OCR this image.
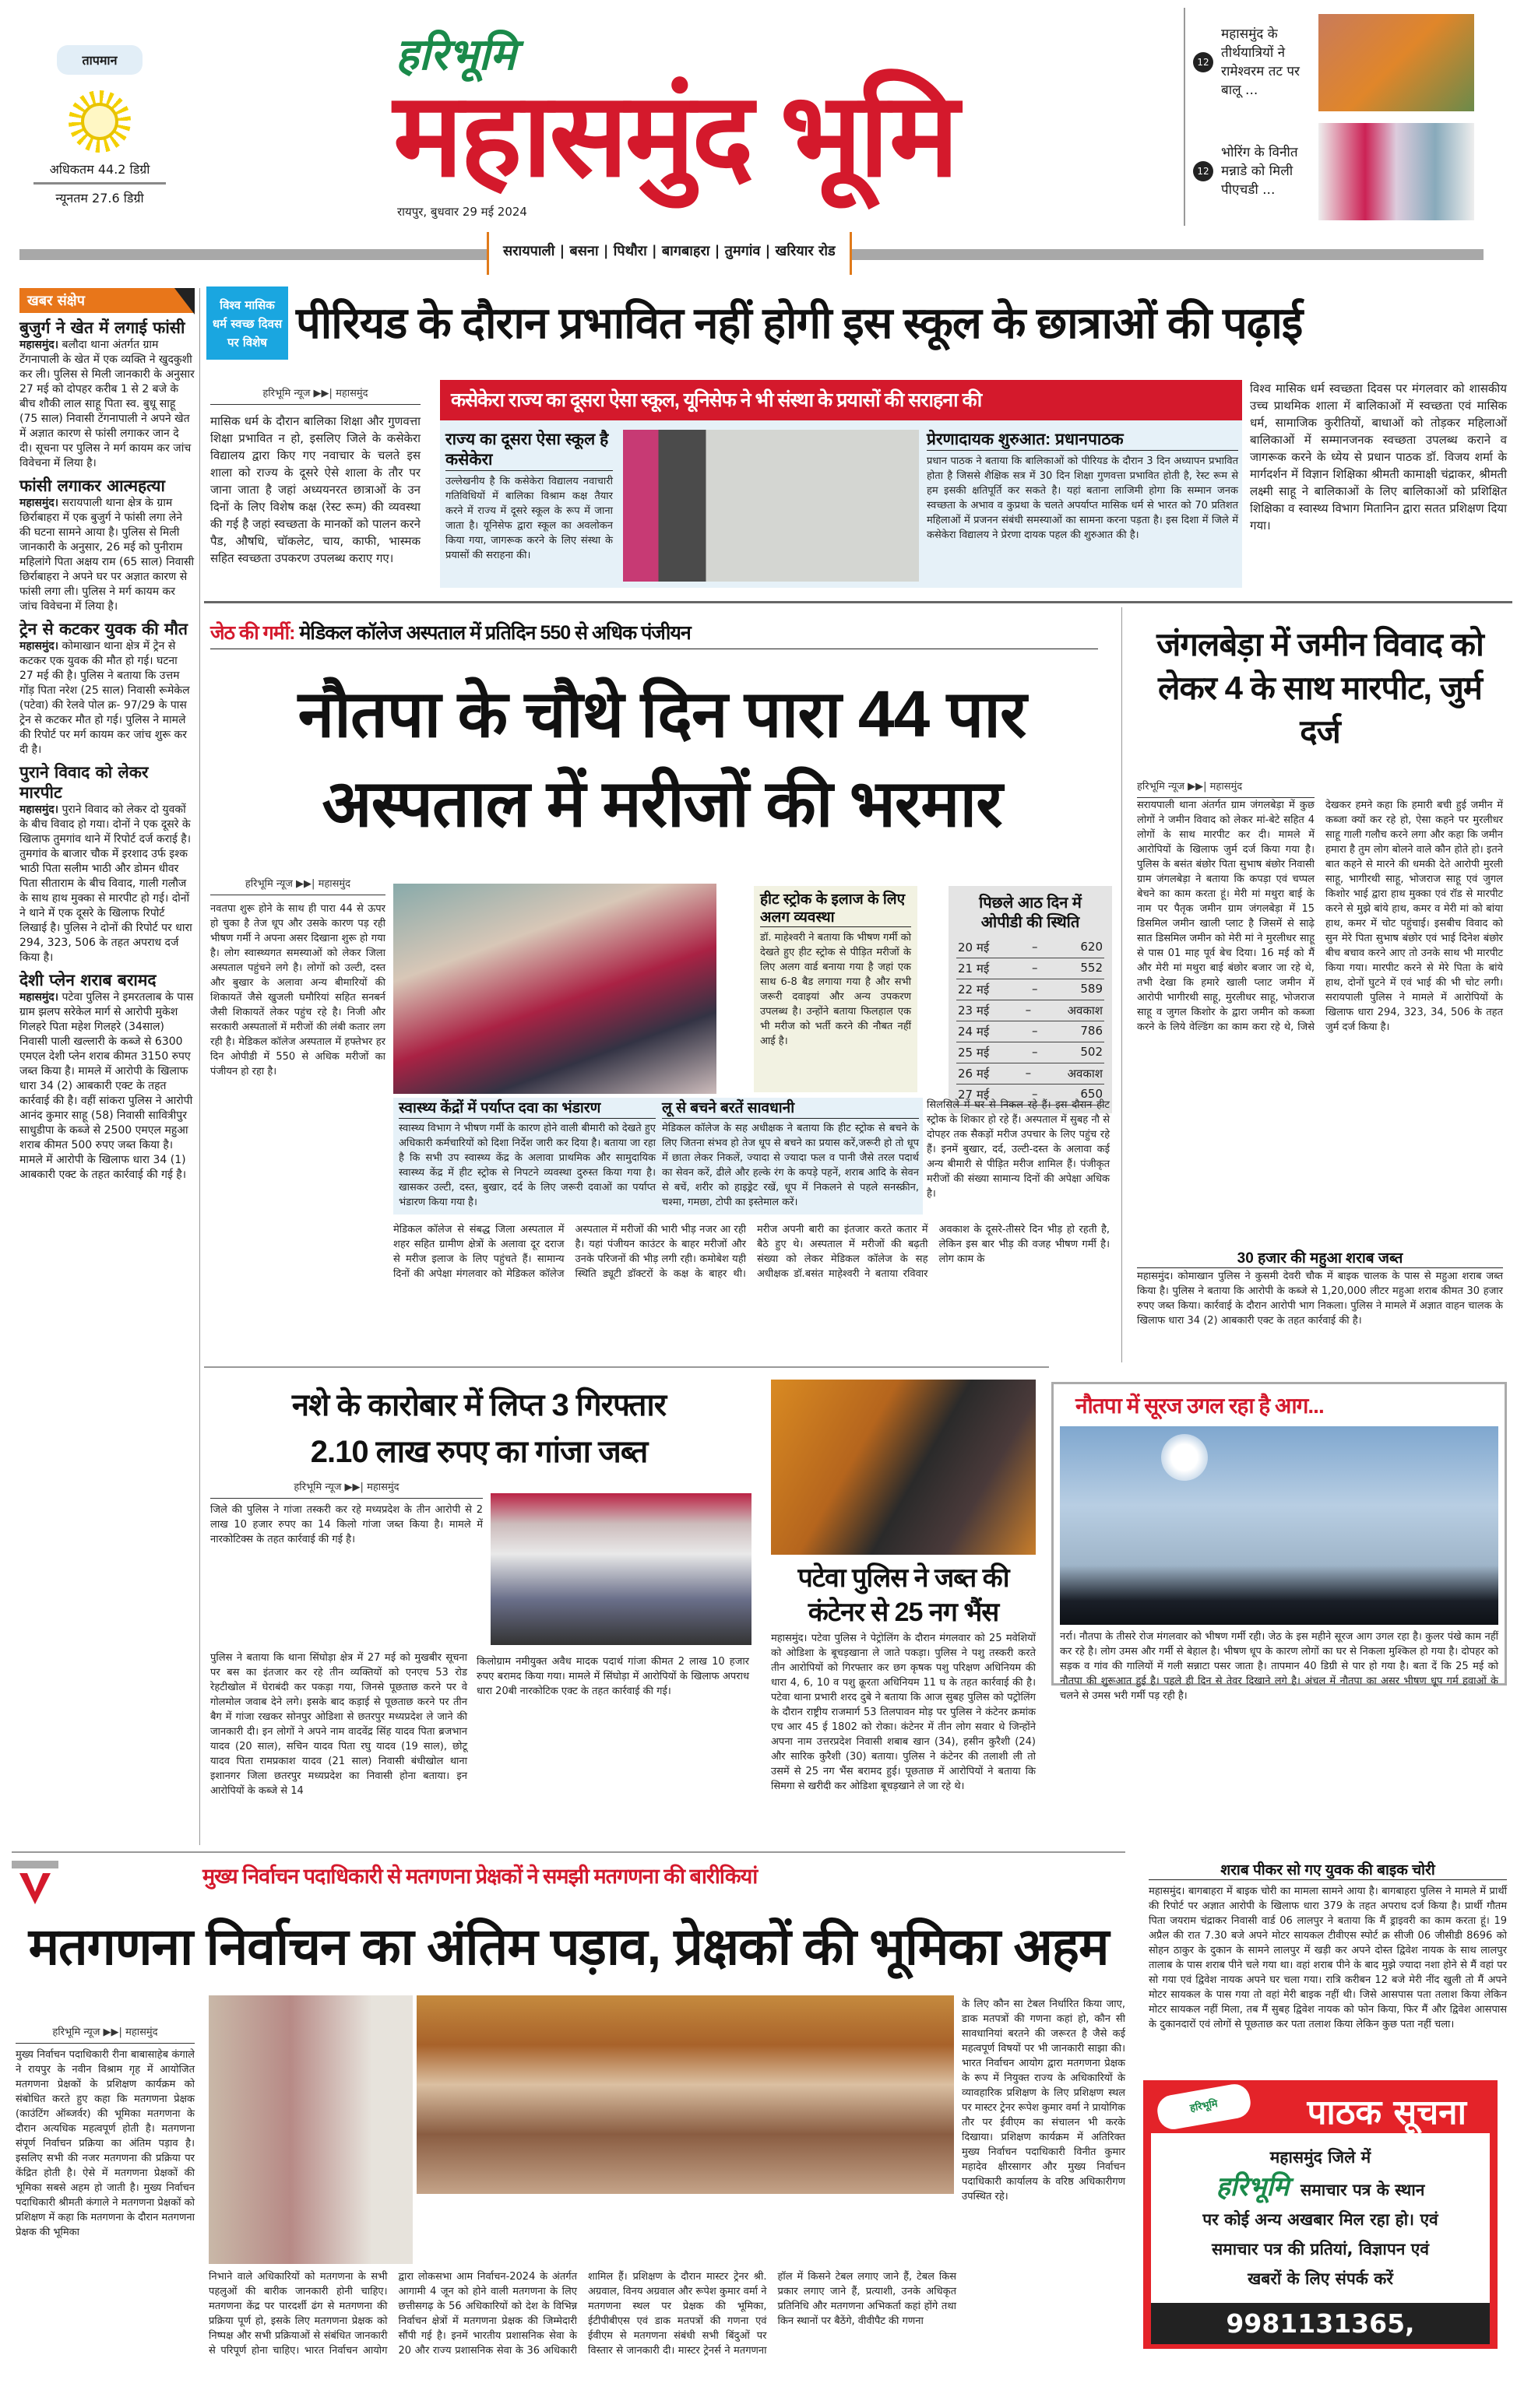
तापमान
अधिकतम 44.2 डिग्री
न्यूनतम 27.6 डिग्री
हरिभूमि
महासमुंद भूमि
रायपुर, बुधवार 29 मई 2024
सरायपाली | बसना | पिथौरा | बागबाहरा | तुमगांव | खरियार रोड
12
महासमुंद के तीर्थयात्रियों ने रामेश्वरम तट पर बालू ...
12
भोरिंग के विनीत मन्नाडे को मिली पीएचडी ...
खबर संक्षेप
बुजुर्ग ने खेत में लगाई फांसी
महासमुंद। बलौदा थाना अंतर्गत ग्राम टेंगनापाली के खेत में एक व्यक्ति ने खुदकुशी कर ली। पुलिस से मिली जानकारी के अनुसार 27 मई को दोपहर करीब 1 से 2 बजे के बीच शौकी लाल साहू पिता स्व. बुधू साहू (75 साल) निवासी टेंगनापाली ने अपने खेत में अज्ञात कारण से फांसी लगाकर जान दे दी। सूचना पर पुलिस ने मर्ग कायम कर जांच विवेचना में लिया है।
फांसी लगाकर आत्महत्या
महासमुंद। सरायपाली थाना क्षेत्र के ग्राम छिर्राबाहरा में एक बुजुर्ग ने फांसी लगा लेने की घटना सामने आया है। पुलिस से मिली जानकारी के अनुसार, 26 मई को पुनीराम महिलांगे पिता अक्षय राम (65 साल) निवासी छिर्राबाहरा ने अपने घर पर अज्ञात कारण से फांसी लगा ली। पुलिस ने मर्ग कायम कर जांच विवेचना में लिया है।
ट्रेन से कटकर युवक की मौत
महासमुंद। कोमाखान थाना क्षेत्र में ट्रेन से कटकर एक युवक की मौत हो गई। घटना 27 मई की है। पुलिस ने बताया कि उत्तम गोंड़ पिता नरेश (25 साल) निवासी रूमेकेल (पटेवा) की रेलवे पोल क्र- 97/29 के पास ट्रेन से कटकर मौत हो गई। पुलिस ने मामले की रिपोर्ट पर मर्ग कायम कर जांच शुरू कर दी है।
पुराने विवाद को लेकर मारपीट
महासमुंद। पुराने विवाद को लेकर दो युवकों के बीच विवाद हो गया। दोनों ने एक दूसरे के खिलाफ तुमगांव थाने में रिपोर्ट दर्ज कराई है। तुमगांव के बाजार चौक में इरशाद उर्फ इश्क भाठी पिता सलीम भाठी और डोमन धीवर पिता सीताराम के बीच विवाद, गाली गलौज के साथ हाथ मुक्का से मारपीट हो गई। दोनों ने थाने में एक दूसरे के खिलाफ रिपोर्ट लिखाई है। पुलिस ने दोनों की रिपोर्ट पर धारा 294, 323, 506 के तहत अपराध दर्ज किया है।
देशी प्लेन शराब बरामद
महासमुंद। पटेवा पुलिस ने इमरतलाब के पास ग्राम झलप सरेकेल मार्ग से आरोपी मुकेश गिलहरे पिता महेश गिलहरे (34साल) निवासी पाली खल्लारी के कब्जे से 6300 एमएल देशी प्लेन शराब कीमत 3150 रुपए जब्त किया है। मामले में आरोपी के खिलाफ धारा 34 (2) आबकारी एक्ट के तहत कार्रवाई की है। वहीं सांकरा पुलिस ने आरोपी आनंद कुमार साहू (58) निवासी सावित्रीपुर साधुडीपा के कब्जे से 2500 एमएल महुआ शराब कीमत 500 रुपए जब्त किया है। मामले में आरोपी के खिलाफ धारा 34 (1) आबकारी एक्ट के तहत कार्रवाई की गई है।
विश्व मासिक धर्म स्वच्छ दिवस पर विशेष पीरियड के दौरान प्रभावित नहीं होगी इस स्कूल के छात्राओं की पढ़ाई
हरिभूमि न्यूज ▶▶| महासमुंद
मासिक धर्म के दौरान बालिका शिक्षा और गुणवत्ता शिक्षा प्रभावित न हो, इसलिए जिले के कसेकेरा विद्यालय द्वारा किए गए नवाचार के चलते इस शाला को राज्य के दूसरे ऐसे शाला के तौर पर जाना जाता है जहां अध्ययनरत छात्राओं के उन दिनों के लिए विशेष कक्ष (रेस्ट रूम) की व्यवस्था की गई है जहां स्वच्छता के मानकों को पालन करने पैड, औषधि, चॉकलेट, चाय, काफी, भास्मक सहित स्वच्छता उपकरण उपलब्ध कराए गए।
कसेकेरा राज्य का दूसरा ऐसा स्कूल, यूनिसेफ ने भी संस्था के प्रयासों की सराहना की
राज्य का दूसरा ऐसा स्कूल है कसेकेरा
उल्लेखनीय है कि कसेकेरा विद्यालय नवाचारी गतिविधियों में बालिका विश्राम कक्ष तैयार करने में राज्य में दूसरे स्कूल के रूप में जाना जाता है। यूनिसेफ द्वारा स्कूल का अवलोकन किया गया, जागरूक करने के लिए संस्था के प्रयासों की सराहना की।
प्रेरणादायक शुरुआत: प्रधानपाठक
प्रधान पाठक ने बताया कि बालिकाओं को पीरियड के दौरान 3 दिन अध्यापन प्रभावित होता है जिससे शैक्षिक सत्र में 30 दिन शिक्षा गुणवत्ता प्रभावित होती है, रेस्ट रूम से हम इसकी क्षतिपूर्ति कर सकते है। यहां बताना लाजिमी होगा कि सम्मान जनक स्वच्छता के अभाव व कुप्रथा के चलते अपर्याप्त मासिक धर्म से भारत को 70 प्रतिशत महिलाओं में प्रजनन संबंधी समस्याओं का सामना करना पड़ता है। इस दिशा में जिले में कसेकेरा विद्यालय ने प्रेरणा दायक पहल की शुरुआत की है।
विश्व मासिक धर्म स्वच्छता दिवस पर मंगलवार को शासकीय उच्च प्राथमिक शाला में बालिकाओं में स्वच्छता एवं मासिक धर्म, सामाजिक कुरीतियों, बाधाओं को तोड़कर महिलाओं बालिकाओं में सम्मानजनक स्वच्छता उपलब्ध कराने व जागरूक करने के ध्येय से प्रधान पाठक डॉ. विजय शर्मा के मार्गदर्शन में विज्ञान शिक्षिका श्रीमती कामाक्षी चंद्राकर, श्रीमती लक्ष्मी साहू ने बालिकाओं के लिए बालिकाओं को प्रशिक्षित शिक्षिका व स्वास्थ्य विभाग मितानिन द्वारा सतत प्रशिक्षण दिया गया।
जेठ की गर्मी: मेडिकल कॉलेज अस्पताल में प्रतिदिन 550 से अधिक पंजीयन
नौतपा के चौथे दिन पारा 44 पार
अस्पताल में मरीजों की भरमार
हरिभूमि न्यूज ▶▶| महासमुंद
नवतपा शुरू होने के साथ ही पारा 44 से ऊपर हो चुका है तेज धूप और उसके कारण पड़ रही भीषण गर्मी ने अपना असर दिखाना शुरू हो गया है। लोग स्वास्थ्यगत समस्याओं को लेकर जिला अस्पताल पहुंचने लगे है। लोगों को उल्टी, दस्त और बुखार के अलावा अन्य बीमारियों की शिकायतें जैसे खुजली घमौरियां सहित सनबर्न जैसी शिकायतें लेकर पहुंच रहे है। निजी और सरकारी अस्पतालों में मरीजों की लंबी कतार लग रही है। मेडिकल कॉलेज अस्पताल में हफ्तेभर हर दिन ओपीडी में 550 से अधिक मरीजों का पंजीयन हो रहा है।
हीट स्ट्रोक के इलाज के लिए अलग व्यवस्था
डॉ. माहेश्वरी ने बताया कि भीषण गर्मी को देखते हुए हीट स्ट्रोक से पीड़ित मरीजों के लिए अलग वार्ड बनाया गया है जहां एक साथ 6-8 बैड लगाया गया है और सभी जरूरी दवाइयां और अन्य उपकरण उपलब्ध है। उन्होंने बताया फिलहाल एक भी मरीज को भर्ती करने की नौबत नहीं आई है।
पिछले आठ दिन में ओपीडी की स्थिति
20 मई	–	620
21 मई	–	552
22 मई	–	589
23 मई	–	अवकाश
24 मई	–	786
25 मई	–	502
26 मई	–	अवकाश
27 मई	–	650
स्वास्थ्य केंद्रों में पर्याप्त दवा का भंडारण
स्वास्थ्य विभाग ने भीषण गर्मी के कारण होने वाली बीमारी को देखते हुए अधिकारी कर्मचारियों को दिशा निर्देश जारी कर दिया है। बताया जा रहा है कि सभी उप स्वास्थ्य केंद्र के अलावा प्राथमिक और सामुदायिक स्वास्थ्य केंद्र में हीट स्ट्रोक से निपटने व्यवस्था दुरुस्त किया गया है। खासकर उल्टी, दस्त, बुखार, दर्द के लिए जरूरी दवाओं का पर्याप्त भंडारण किया गया है।
लू से बचने बरतें सावधानी
मेडिकल कॉलेज के सह अधीक्षक ने बताया कि हीट स्ट्रोक से बचने के लिए जितना संभव हो तेज धूप से बचने का प्रयास करें,जरूरी हो तो धूप में छाता लेकर निकलें, ज्यादा से ज्यादा फल व पानी जैसे तरल पदार्थ का सेवन करें, ढीले और हल्के रंग के कपड़े पहनें, शराब आदि के सेवन से बचें, शरीर को हाइड्रेट रखें, धूप में निकलने से पहले सनस्क्रीन, चश्मा, गमछा, टोपी का इस्तेमाल करें।
मेडिकल कॉलेज से संबद्ध जिला अस्पताल में शहर सहित ग्रामीण क्षेत्रों के अलावा दूर दराज से मरीज इलाज के लिए पहुंचते हैं। सामान्य दिनों की अपेक्षा मंगलवार को मेडिकल कॉलेज अस्पताल में मरीजों की भारी भीड़ नजर आ रही है। यहां पंजीयन काउंटर के बाहर मरीजों और उनके परिजनों की भीड़ लगी रही। कमोबेश यही स्थिति ड्यूटी डॉक्टरों के कक्ष के बाहर थी। मरीज अपनी बारी का इंतजार करते कतार में बैठे हुए थे। अस्पताल में मरीजों की बढ़ती संख्या को लेकर मेडिकल कॉलेज के सह अधीक्षक डॉ.बसंत माहेश्वरी ने बताया रविवार अवकाश के दूसरे-तीसरे दिन भीड़ हो रहती है, लेकिन इस बार भीड़ की वजह भीषण गर्मी है। लोग काम के
सिलसिले में घर से निकल रहे हैं। इस दौरान हीट स्ट्रोक के शिकार हो रहे हैं। अस्पताल में सुबह नौ से दोपहर तक सैकड़ों मरीज उपचार के लिए पहुंच रहे हैं। इनमें बुखार, दर्द, उल्टी-दस्त के अलावा कई अन्य बीमारी से पीड़ित मरीज शामिल हैं। पंजीकृत मरीजों की संख्या सामान्य दिनों की अपेक्षा अधिक है।
जंगलबेड़ा में जमीन विवाद को लेकर 4 के साथ मारपीट, जुर्म दर्ज
हरिभूमि न्यूज ▶▶| महासमुंद
सरायपाली थाना अंतर्गत ग्राम जंगलबेड़ा में कुछ लोगों ने जमीन विवाद को लेकर मां-बेटे सहित 4 लोगों के साथ मारपीट कर दी। मामले में आरोपियों के खिलाफ जुर्म दर्ज किया गया है। पुलिस के बसंत बंछोर पिता सुभाष बंछोर निवासी ग्राम जंगलबेड़ा ने बताया कि कपड़ा एवं चप्पल बेचने का काम करता हूं। मेरी मां मथुरा बाई के नाम पर पैतृक जमीन ग्राम जंगलबेड़ा में 15 डिसमिल जमीन खाली प्लाट है जिसमें से साढ़े सात डिसमिल जमीन को मेरी मां ने मुरलीधर साहू से पास 01 माह पूर्व बेच दिया। 16 मई को मैं और मेरी मां मथुरा बाई बंछोर बजार जा रहे थे, तभी देखा कि हमारे खाली प्लाट जमीन में आरोपी भागीरथी साहू, मुरलीधर साहू, भोजराज साहू व जुगल किशोर के द्वारा जमीन को कब्जा करने के लिये वेल्डिंग का काम करा रहे थे, जिसे देखकर हमने कहा कि हमारी बची हुई जमीन में कब्जा क्यों कर रहे हो, ऐसा कहने पर मुरलीधर साहू गाली गलौच करने लगा और कहा कि जमीन हमारा है तुम लोग बोलने वाले कौन होते हो। इतने बात कहने से मारने की धमकी देते आरोपी मुरली साहू, भागीरथी साहू, भोजराज साहू एवं जुगल किशोर भाई द्वारा हाथ मुक्का एवं रॉड से मारपीट करने से मुझे बांये हाथ, कमर व मेरी मां को बांया हाथ, कमर में चोट पहुंचाई। इसबीच विवाद को सुन मेरे पिता सुभाष बंछोर एवं भाई दिनेश बंछोर बीच बचाव करने आए तो उनके साथ भी मारपीट किया गया। मारपीट करने से मेरे पिता के बांये हाथ, दोनों घुटने में एवं भाई की भी चोट लगी। सरायपाली पुलिस ने मामले में आरोपियों के खिलाफ धारा 294, 323, 34, 506 के तहत जुर्म दर्ज किया है।
30 हजार की महुआ शराब जब्त
महासमुंद। कोमाखान पुलिस ने कुसमी देवरी चौक में बाइक चालक के पास से महुआ शराब जब्त किया है। पुलिस ने बताया कि आरोपी के कब्जे से 1,20,000 लीटर महुआ शराब कीमत 30 हजार रुपए जब्त किया। कार्रवाई के दौरान आरोपी भाग निकला। पुलिस ने मामले में अज्ञात वाहन चालक के खिलाफ धारा 34 (2) आबकारी एक्ट के तहत कार्रवाई की है।
नशे के कारोबार में लिप्त 3 गिरफ्तार
2.10 लाख रुपए का गांजा जब्त
हरिभूमि न्यूज ▶▶| महासमुंद
जिले की पुलिस ने गांजा तस्करी कर रहे मध्यप्रदेश के तीन आरोपी से 2 लाख 10 हजार रुपए का 14 किलो गांजा जब्त किया है। मामले में नारकोटिक्स के तहत कार्रवाई की गई है।
पुलिस ने बताया कि थाना सिंघोड़ा क्षेत्र में 27 मई को मुखबीर सूचना पर बस का इंतजार कर रहे तीन व्यक्तियों को एनएच 53 रोड रेहटीखोल में घेराबंदी कर पकड़ा गया, जिनसे पूछताछ करने पर वे गोलमोल जवाब देने लगे। इसके बाद कड़ाई से पूछताछ करने पर तीन बैग में गांजा रखकर सोनपुर ओडिशा से छतरपुर मध्यप्रदेश ले जाने की जानकारी दी। इन लोगों ने अपने नाम वादवेंद्र सिंह यादव पिता ब्रजभान यादव (20 साल), सचिन यादव पिता रघु यादव (19 साल), छोटू यादव पिता रामप्रकाश यादव (21 साल) निवासी बंधीखोल थाना इशानगर जिला छतरपुर मध्यप्रदेश का निवासी होना बताया। इन आरोपियों के कब्जे से 14
किलोग्राम नमीयुक्त अवैध मादक पदार्थ गांजा कीमत 2 लाख 10 हजार रुपए बरामद किया गया। मामले में सिंघोड़ा में आरोपियों के खिलाफ अपराध धारा 20बी नारकोटिक एक्ट के तहत कार्रवाई की गई।
पटेवा पुलिस ने जब्त की कंटेनर से 25 नग भैंस
महासमुंद। पटेवा पुलिस ने पेट्रोलिंग के दौरान मंगलवार को 25 मवेशियों को ओडिशा के बूचड़खाना ले जाते पकड़ा। पुलिस ने पशु तस्करी करते तीन आरोपियों को गिरफ्तार कर छग कृषक पशु परिक्षण अधिनियम की धारा 4, 6, 10 व पशु क्रूरता अधिनियम 11 घ के तहत कार्रवाई की है। पटेवा थाना प्रभारी शरद दुबे ने बताया कि आज सुबह पुलिस को पट्रोलिंग के दौरान राष्ट्रीय राजमार्ग 53 तिलपावन मोड़ पर पुलिस ने कंटेनर क्रमांक एच आर 45 ई 1802 को रोका। कंटेनर में तीन लोग सवार थे जिन्होंने अपना नाम उत्तरप्रदेश निवासी शबाब खान (34), हसीन कुरैशी (24) और सारिक कुरैशी (30) बताया। पुलिस ने कंटेनर की तलाशी ली तो उसमें से 25 नग भैंस बरामद हुई। पूछताछ में आरोपियों ने बताया कि सिमगा से खरीदी कर ओडिशा बूचड़खाने ले जा रहे थे।
नौतपा में सूरज उगल रहा है आग...
नर्रा। नौतपा के तीसरे रोज मंगलवार को भीषण गर्मी रही। जेठ के इस महीने सूरज आग उगल रहा है। कुलर पंखे काम नहीं कर रहे है। लोग उमस और गर्मी से बेहाल है। भीषण धूप के कारण लोगों का घर से निकला मुश्किल हो गया है। दोपहर को सड़क व गांव की गालियों में गली सन्नाटा पसर जाता है। तापमान 40 डिग्री से पार हो गया है। बता दें कि 25 मई को नौतपा की शुरूआत हुई है। पहले ही दिन से तेवर दिखाने लगे है। अंचल में नौतपा का असर भीषण धूप गर्म हवाओं के चलने से उमस भरी गर्मी पड़ रही है।
मुख्य निर्वाचन पदाधिकारी से मतगणना प्रेक्षकों ने समझी मतगणना की बारीकियां
मतगणना निर्वाचन का अंतिम पड़ाव, प्रेक्षकों की भूमिका अहम
हरिभूमि न्यूज ▶▶| महासमुंद
मुख्य निर्वाचन पदाधिकारी रीना बाबासाहेब कंगाले ने रायपुर के नवीन विश्राम गृह में आयोजित मतगणना प्रेक्षकों के प्रशिक्षण कार्यक्रम को संबोधित करते हुए कहा कि मतगणना प्रेक्षक (काउंटिंग ऑब्जर्वर) की भूमिका मतगणना के दौरान अत्यधिक महत्वपूर्ण होती है। मतगणना संपूर्ण निर्वाचन प्रक्रिया का अंतिम पड़ाव है। इसलिए सभी की नजर मतगणना की प्रक्रिया पर केंद्रित होती है। ऐसे में मतगणना प्रेक्षकों की भूमिका सबसे अहम हो जाती है। मुख्य निर्वाचन पदाधिकारी श्रीमती कंगाले ने मतगणना प्रेक्षकों को प्रशिक्षण में कहा कि मतगणना के दौरान मतगणना प्रेक्षक की भूमिका
निभाने वाले अधिकारियों को मतगणना के सभी पहलुओं की बारीक जानकारी होनी चाहिए। मतगणना केंद्र पर पारदर्शी ढंग से मतगणना की प्रक्रिया पूर्ण हो, इसके लिए मतगणना प्रेक्षक को निष्पक्ष और सभी प्रक्रियाओं से संबंधित जानकारी से परिपूर्ण होना चाहिए। भारत निर्वाचन आयोग द्वारा लोकसभा आम निर्वाचन-2024 के अंतर्गत आगामी 4 जून को होने वाली मतगणना के लिए छत्तीसगढ़ के 56 अधिकारियों को देश के विभिन्न निर्वाचन क्षेत्रों में मतगणना प्रेक्षक की जिम्मेदारी सौंपी गई है। इनमें भारतीय प्रशासनिक सेवा के 20 और राज्य प्रशासनिक सेवा के 36 अधिकारी शामिल हैं। प्रशिक्षण के दौरान मास्टर ट्रेनर श्री. अग्रवाल, विनय अग्रवाल और रूपेश कुमार वर्मा ने मतगणना स्थल पर प्रेक्षक की भूमिका, ईटीपीबीएस एवं डाक मतपत्रों की गणना एवं ईवीएम से मतगणना संबंधी सभी बिंदुओं पर विस्तार से जानकारी दी। मास्टर ट्रेनर्स ने मतगणना हॉल में किसने टेबल लगाए जाने हैं, टेबल किस प्रकार लगाए जाने हैं, प्रत्याशी, उनके अधिकृत प्रतिनिधि और मतगणना अभिकर्ता कहां होंगे तथा किन स्थानों पर बैठेंगे, वीवीपैट की गणना
के लिए कौन सा टेबल निर्धारित किया जाए, डाक मतपत्रों की गणना कहां हो, कौन सी सावधानियां बरतने की जरूरत है जैसे कई महत्वपूर्ण विषयों पर भी जानकारी साझा की। भारत निर्वाचन आयोग द्वारा मतगणना प्रेक्षक के रूप में नियुक्त राज्य के अधिकारियों के व्यावहारिक प्रशिक्षण के लिए प्रशिक्षण स्थल पर मास्टर ट्रेनर रूपेश कुमार वर्मा ने प्रायोगिक तौर पर ईवीएम का संचालन भी करके दिखाया। प्रशिक्षण कार्यक्रम में अतिरिक्त मुख्य निर्वाचन पदाधिकारी विनीत कुमार महादेव क्षीरसागर और मुख्य निर्वाचन पदाधिकारी कार्यालय के वरिष्ठ अधिकारीगण उपस्थित रहे।
शराब पीकर सो गए युवक की बाइक चोरी
महासमुंद। बागबाहरा में बाइक चोरी का मामला सामने आया है। बागबाहरा पुलिस ने मामले में प्रार्थी की रिपोर्ट पर अज्ञात आरोपी के खिलाफ धारा 379 के तहत अपराध दर्ज किया है। प्रार्थी गौतम पिता जयराम चंद्राकर निवासी वार्ड 06 लालपुर ने बताया कि मैं ड्राइवरी का काम करता हूं। 19 अप्रैल की रात 7.30 बजे अपने मोटर सायकल टीवीएस स्पोर्ट क्र सीजी 06 जीसीडी 8696 को सोहन ठाकुर के दुकान के सामने लालपुर में खड़ी कर अपने दोस्त द्विवेश नायक के साथ लालपुर तालाब के पास शराब पीने चले गया था। वहां शराब पीने के बाद मुझे ज्यादा नशा होने से मैं वहां पर सो गया एवं द्विवेश नायक अपने घर चला गया। रात्रि करीबन 12 बजे मेरी नींद खुली तो मैं अपने मोटर सायकल के पास गया तो वहां मेरी बाइक नहीं थी। जिसे आसपास पता तलाश किया लेकिन मोटर सायकल नहीं मिला, तब मैं सुबह द्विवेश नायक को फोन किया, फिर मैं और द्विवेश आसपास के दुकानदारों एवं लोगों से पूछताछ कर पता तलाश किया लेकिन कुछ पता नहीं चला।
हरिभूमि	पाठक सूचना
महासमुंद जिले में
हरिभूमि समाचार पत्र के स्थान
पर कोई अन्य अखबार मिल रहा हो। एवं
समाचार पत्र की प्रतियां, विज्ञापन एवं
खबरों के लिए संपर्क करें
9981131365, 9098324969
